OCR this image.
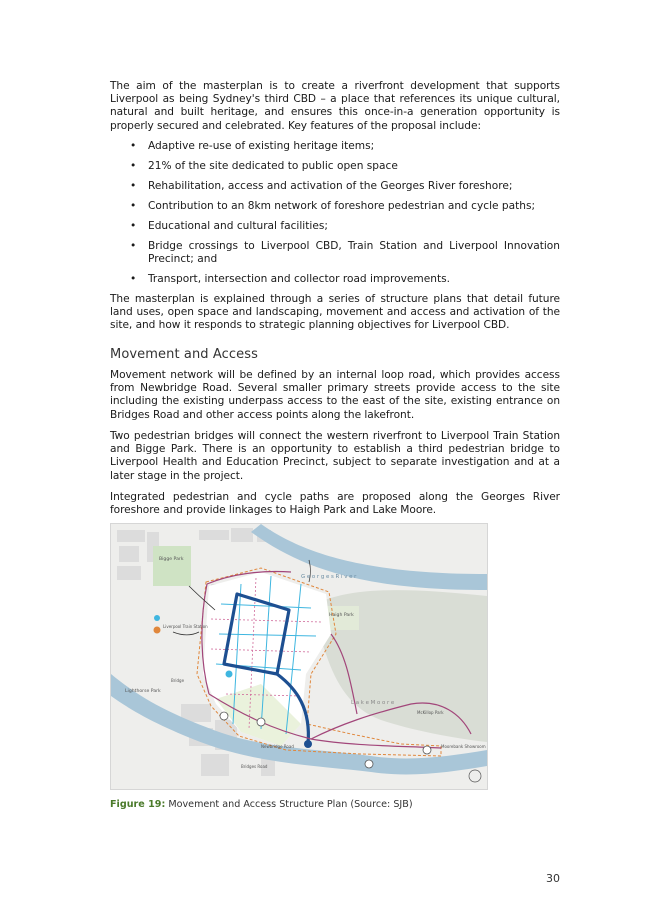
The aim of the masterplan is to create a riverfront development that supports Liverpool as being Sydney's third CBD – a place that references its unique cultural, natural and built heritage, and ensures this once-in-a generation opportunity is properly secured and celebrated. Key features of the proposal include:
• Adaptive re-use of existing heritage items;
• 21% of the site dedicated to public open space
• Rehabilitation, access and activation of the Georges River foreshore;
• Contribution to an 8km network of foreshore pedestrian and cycle paths;
• Educational and cultural facilities;
• Bridge crossings to Liverpool CBD, Train Station and Liverpool Innovation Precinct; and
• Transport, intersection and collector road improvements.
The masterplan is explained through a series of structure plans that detail future land uses, open space and landscaping, movement and access and activation of the site, and how it responds to strategic planning objectives for Liverpool CBD.
Movement and Access
Movement network will be defined by an internal loop road, which provides access from Newbridge Road. Several smaller primary streets provide access to the site including the existing underpass access to the east of the site, existing entrance on Bridges Road and other access points along the lakefront.
Two pedestrian bridges will connect the western riverfront to Liverpool Train Station and Bigge Park. There is an opportunity to establish a third pedestrian bridge to Liverpool Health and Education Precinct, subject to separate investigation and at a later stage in the project.
Integrated pedestrian and cycle paths are proposed along the Georges River foreshore and provide linkages to Haigh Park and Lake Moore.
Bigge Park
G e o r g e s R i v e r
Haigh Park
Liverpool Train Station
L a k e M o o r e
Lighthorse Park
McKillop Park
Newbridge Road
Bridges Road
Moorebank Showroom
Bridge
Figure 19: Movement and Access Structure Plan (Source: SJB)
30
